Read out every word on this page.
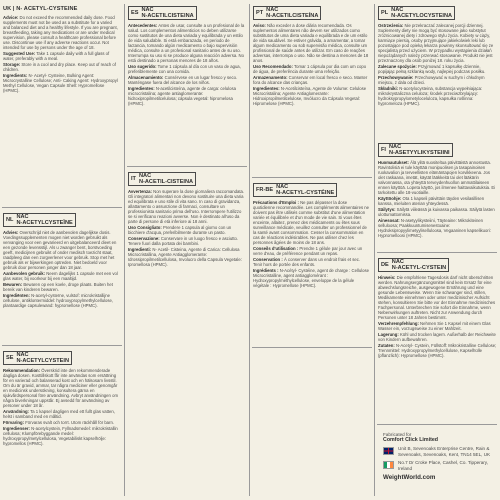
UK | N- ACETYL-CYSTEINE
Advice: Do not exceed the recommended daily dose. Food supplements must not be used as a substitute for a varied and balanced diet and a healthy lifestyle. If you are pregnant, breastfeeding, taking any medications or are under medical supervision, please consult a healthcare professional before use. Discontinue use if any adverse reactions occur. Not intended for use by persons under the age of 18.
Suggested Use: Take 1 capsule daily with a full glass of water, preferably with a meal.
Storage: Store in a cool and dry place. Keep out of reach of children.
Ingredients: N- Acetyl- Cysteine, Bulking Agent: Microcrystalline Cellulose; Anti- Caking Agent: Hydroxypropyl Methyl Cellulose, Vegan Capsule Shell: Hypromellose (HPMC).
NL NAC
N-ACETYLCYSTEÏNE
Advies: Overschrijd niet de aanbevolen dagelijkse dosis. Voedingssupplementen mogen niet worden gebruikt als vervanging voor een gevarieerd en uitgebalanceerd dieet en een gezonde levensstijl. Als u zwanger bent, borstvoeding geeft, medicijnen gebruikt of onder medisch toezicht staat, raadpleeg dan een zorgverlener voor gebruik. Stop met het gebruik als er bijwerkingen optreden. Niet bedoeld voor gebruik door personen jonger dan 18 jaar.
Aanbevolen gebruik: Neem dagelijks 1 capsule met een vol glas water, bij voorkeur bij een maaltijd.
Bewaren: Bewaren op een koele, droge plaats. Buiten het bereik van kinderen bewaren.
Ingrediënten: N-acetyl-cysteïne, vulstof: microkristallijne cellulose, antiklontermiddel: hydroxypropylmethylcellulose, plantaardige capsulewand: hypromellose (HPMC).
SE NAC
N-ACETYLCYSTEIN
Rekommendation: Överskrid inte den rekommenderade dagliga dosen. Kosttillskott får inte användas som ersättning för en varierad och balanserad kost och en hälsosam livsstil. Om du är gravid, ammar, tar några mediciner eller genomgår en medicinsk undersökning, konsultera gärna en sjukvårdspersonal före användning. Avbryt användningen om några biverkningar uppstår. Ej avsedd för användning av personer under 18 år.
Användning: Ta 1 kapsel dagligen med ett fullt glas vatten, helst i samband med en måltid.
Förvaring: Förvaras svalt och torrt. Utom räckhåll för barn.
Ingredienser: N-acetylcystein, Fyllnadsmedel: mikrokristallin cellulosa; Klumpförebyggande medel: hydroxypropylmetylcellulosa, Vegetabiliskt kapselhölje: hypromellos (HPMC).
ES NAC
N-ACETILCISTEINA
Antecedentes: Antes de usar, consulte a un profesional de la salud. Los complementos alimenticios no deben utilizarse como sustitutos de una dieta variada y equilibrada y un estilo de vida saludable. Si está embarazada, en periodo de lactancia, tomando algún medicamento o bajo supervisión médica, consulte a un profesional sanitario antes de su uso. Interrumpa su uso si se produce alguna reacción adversa. No está destinado a personas menores de 18 años.
Uso sugerido: Tome 1 cápsula al día con un vaso de agua, preferiblemente con una comida.
Almacenamiento: Consérvese en un lugar fresco y seco. Manténgase fuera del alcance de los niños.
Ingredientes: N-acetilcisteína, agente de carga: celulosa microcristalina; agente antiaglomerante: hidroxipropilmetilcelulosa; cápsula vegetal: hipromelosa (HPMC).
IT NAC
N-ACETIL-CISTEINA
Avvertenza: Non superare la dose giornaliera raccomandata. Gli integratori alimentari non devono sostituire una dieta varia ed equilibrata e uno stile di vita sano. In caso di gravidanza, allattamento o assunzione di farmaci, consultare un professionista sanitario prima dell'uso. Interrompere l'utilizzo se si verificano reazioni avverse. Non è destinato all'uso da parte di persone di età inferiore ai 18 anni.
Uso Consigliato: Prendere 1 capsula al giorno con un bicchiere d'acqua, preferibilmente durante un pasto.
Conservazione: Conservare in un luogo fresco e asciutto. Tenere fuori dalla portata dei bambini.
Ingredienti: N- Acetil- Cisteina, Agente di Carica: Cellulosa Microcristallina, Agente Antiagglomerante: Idrossipropilmetilcellulosa, Involucro della Capsula Vegetale: Ipromellosa (HPMC).
PT NAC
N-ACETILCISTEÍNA
Aviso: Não exceder a dose diária recomendada. Os suplementos alimentares não devem ser utilizados como substitutos de uma dieta variada e equilibrada e de um estilo de vida saudável. Se estiver grávida, a amamentar, a tomar algum medicamento ou sob supervisão médica, consulte um profissional de saúde antes de utilizar. Em caso de reações adversas, interrompa o uso. Não se destina a menores de 18 anos.
Uso Recomendado: Tomar 1 cápsula por dia com um copo de água, de preferência durante uma refeição.
Armazenamento: Conservar em local fresco e seco. Manter fora do alcance das crianças.
Ingredientes: N-Acetilcisteína, Agente de Volume: Celulose Microcristalina; Agente Antiaglomerante: Hidroxipropilmetilcelulose, Invólucro da Cápsula Vegetal: Hipromelose (HPMC).
FR-BE NAC
N-ACETYL-CYSTÉINE
Précautions d'Emploi : Ne pas dépasser la dose quotidienne recommandée. Les compléments alimentaires ne doivent pas être utilisés comme substitut d'une alimentation variée et équilibrée et d'un mode de vie sain. Si vous êtes enceinte, allaitez, prenez des médicaments ou êtes sous surveillance médicale, veuillez consulter un professionnel de la santé avant consommation. Cesser la consommation en cas de réactions indésirables. Ne pas utiliser chez les personnes âgées de moins de 18 ans.
Conseils d'utilisation : Prendre 1 gélule par jour avec un verre d'eau, de préférence pendant un repas.
Conservation : À conserver dans un endroit frais et sec. Tenir hors de portée des enfants.
Ingrédients : N-Acétyl- Cystéine, agent de charge : Cellulose Microcristalline, agent antiagglomérant : Hydroxypropylméthylcellulose, enveloppe de la gélule végétale : Hypromellose (HPMC).
PL NAC
N-ACETYLOCYSTEINA
Ostrzeżenia: Nie przekraczać zalecanej porcji dziennej. Suplementy diety nie mogą być stosowane jako substytut zróżnicowanej diety i zdrowego stylu życia. Kobiety w ciąży, karmiące piersią, osoby przyjmujące jakiekolwiek leki lub pozostające pod opieką lekarza powinny skonsultować się ze specjalistą przed użyciem. W przypadku wystąpienia działań niepożądanych należy przerwać stosowanie. Produkt nie jest przeznaczony dla osób poniżej 18. roku życia.
Zalecane spożycie: Przyjmować 1 kapsułkę dziennie, popijając pełną szklanką wody, najlepiej podczas posiłku.
Przechowywanie: Przechowywać w suchym i chłodnym miejscu, z dala od dzieci.
Składniki: N-acetylocysteina, substancja wypełniająca: mikrokrystaliczna celuloza; środek przeciwzbrylający: hydroksypropylometyloceluloza, kapsułka roślinna: hypromeloza (HPMC).
FI NAC
N-ASETYYLIKYSTEIINI
Huomautukset: Älä ylitä suositeltua päivittäistä annostusta. Ravintolisiä ei tule käyttää monipuolisen ja tasapainoisen ruokavalion ja terveellisten elämäntapojen korvikkeena. Jos olet raskaana, imetät, käytät lääkkeitä tai olet lääkärin valvonnassa, ota yhteyttä terveydenhuollon ammattilaiseen ennen käyttöä. Lopeta käyttö, jos ilmenee haittavaikutuksia. Ei tarkoitettu alle 18-vuotiaille.
Käyttöohje: Ota 1 kapseli päivittäin täyden vesilasillisen kanssa, mieluiten aterian yhteydessä.
Säilytys: Säilytä viileässä ja kuivassa paikassa. Säilytä lasten ulottumattomissa.
Ainesosat: N-asetyylikysteiini, Täyteaine: Mikrokiteinen selluloosa; Paakkuuntumisenestoaine: Hydroksipropyylimetyyliselluloosa, Vegaaninen kapselikuori: Hypromelloosi (HPMC).
DE NAC
N-ACETYL-CYSTEIN
Hinweis: Die empfohlene Tagesdosis darf nicht überschritten werden. Nahrungsergänzungsmittel sind kein Ersatz für eine abwechslungsreiche, ausgewogene Ernährung und eine gesunde Lebensweise. Wenn Sie schwanger sind, stillen, Medikamente einnehmen oder unter medizinischer Aufsicht stehen, konsultieren Sie bitte vor der Einnahme medizinisches Fachpersonal. Unterbrechen Sie sofort die Einnahme, wenn Nebenwirkungen auftreten. Nicht zur Anwendung durch Personen unter 18 Jahren bestimmt.
Verzehrempfehlung: Nehmen Sie 1 Kapsel mit einem Glas Wasser ein, vorzugsweise zu einer Mahlzeit.
Lagerung: Kühl und trocken lagern. Außerhalb der Reichweite von Kindern aufbewahren.
Zutaten: N-Acetyl- Cystein, Füllstoff: Mikrokristalline Cellulose; Trennmittel: Hydroxypropylmethylcellulose, Kapselhülle (pflanzlich): Hypromellose (HPMC).
Fabricated for
Comfort Click Limited
Unit B, Sevenoaks Enterprise Centre, Rain & Sevenoaks, Sevenoaks, Kent, TN14 5EL, UK
No.7 Dr Croke Place, Cashel, Co. Tipperary, Ireland
WeightWorld.com
